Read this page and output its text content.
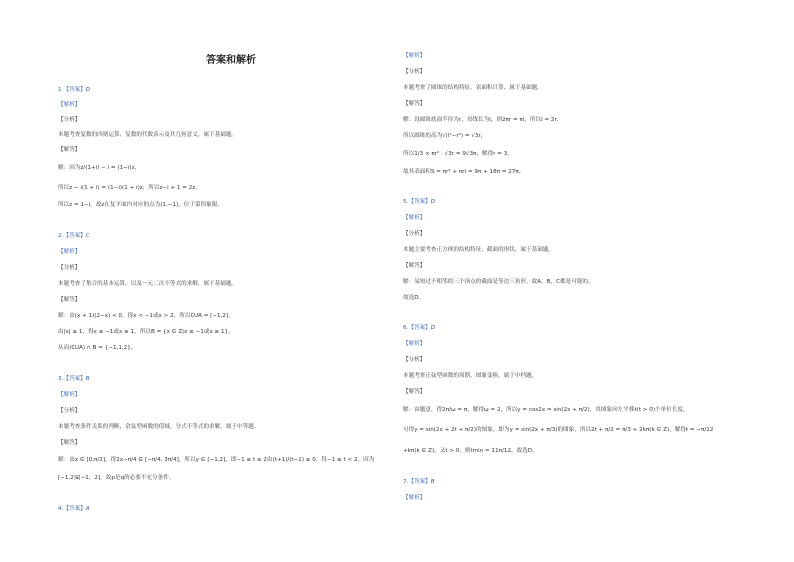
答案和解析
1.【答案】D
【解析】
【分析】
本题考查复数的四则运算、复数的代数表示及其几何意义，属于基础题。
【解答】
解：因为z/(1+i) − i = (1−i)z，
所以z − i(1 + i) = (1−i)(1 + i)z，所以z−i + 1 = 2z，
所以z = 1−i，故z在复平面内对应的点为(1,−1)，位于第四象限。
2.【答案】C
【解析】
【分析】
本题考查了集合的基本运算，以及一元二次不等式的求解，属于基础题。
【解答】
解：由(x + 1)(2−x) < 0，得x < −1或x > 2，所以∁UA = [−1,2]，
由|x| ≥ 1，得x ≤ −1或x ≥ 1，所以B = {x ∈ Z|x ≤ −1或x ≥ 1}，
从而(∁UA) ∩ B = {−1,1,2}。
3.【答案】B
【解析】
【分析】
本题考查条件关系的判断，余弦型函数的值域，分式不等式的求解，属于中等题。
【解答】
解：由x ∈ [0,π/2]，得2x−π/4 ∈ [−π/4, 3π/4]，所以y ∈ [−1,2]，即−1 ≤ t ≤ 2由(t+1)/(t−2) ≤ 0，得−1 ≤ t < 2，因为
[−1,2)⫋[−1，2]，故p是q的必要不充分条件。
4.【答案】A
【解析】
【分析】
本题考查了圆锥的结构特征，表面积计算，属于基础题。
【解答】
解：设圆锥底面半径为r，母线长为l，则2πr = πl，所以l = 2r，
所以圆锥的高为√(l²−r²) = √3r，
所以1/3 × πr² · √3r = 9√3π，解得r = 3，
故其表面积S = πr² + πrl = 9π + 18π = 27π。
5.【答案】D
【解析】
【分析】
本题主要考查正方体的结构特征，截面的形状，属于基础题。
【解答】
解：易知过不相邻的三个顶点的截面是等边三角形，故A，B，C都是可能的。
故选D。
6.【答案】D
【解析】
【分析】
本题考查正弦型函数的周期、图象变换，属于中档题。
【解答】
解：由题意，得2π/ω = π，解得ω = 2，所以y = cos2x = sin(2x + π/2)，其图象向左平移t(t > 0)个单位长度，
可得y = sin(2x + 2t + π/2)的图象，即为y = sin(2x + π/3)的图象，所以2t + π/2 = π/3 + 2kπ(k ∈ Z)，解得t = −π/12
+kπ(k ∈ Z)，又t > 0，则tmin = 11π/12，故选D。
7.【答案】B
【解析】
